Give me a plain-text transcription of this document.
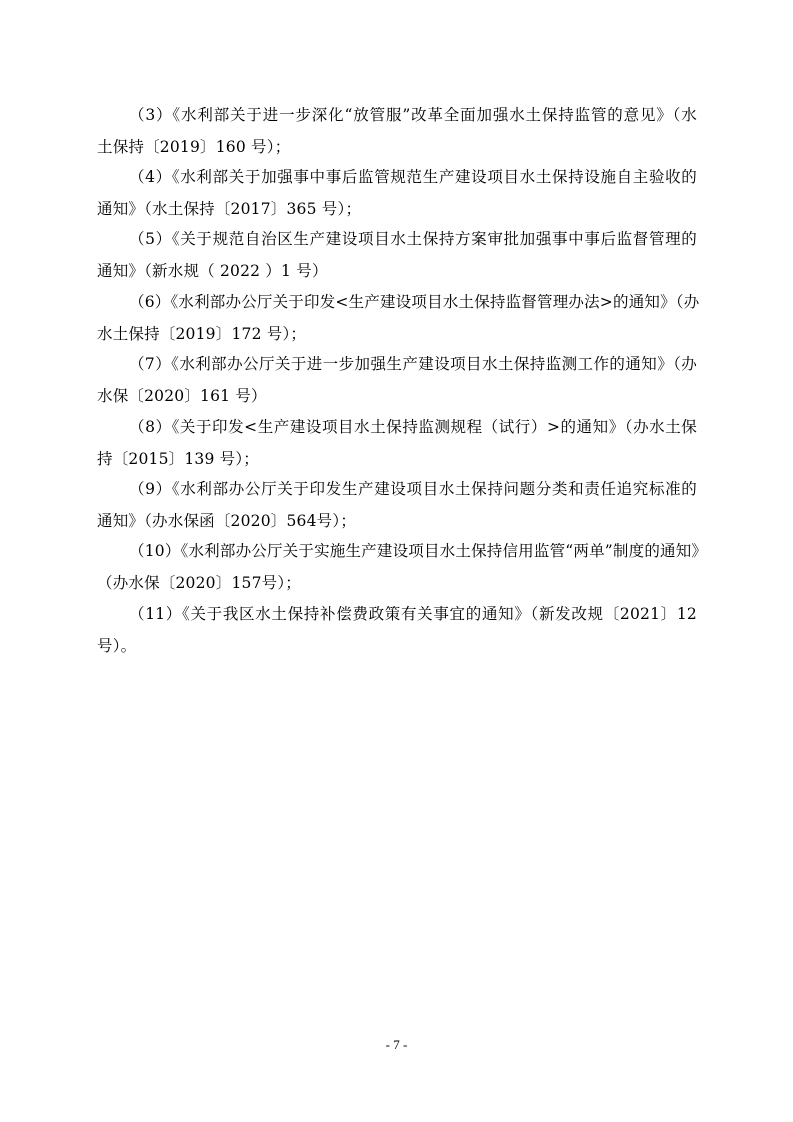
（3）《水利部关于进一步深化“放管服”改革全面加强水土保持监管的意见》（水
土保持〔2019〕160 号）；
（4）《水利部关于加强事中事后监管规范生产建设项目水土保持设施自主验收的
通知》（水土保持〔2017〕365 号）；
（5）《关于规范自治区生产建设项目水土保持方案审批加强事中事后监督管理的
通知》（新水规（ 2022 ）1 号）
（6）《水利部办公厅关于印发<生产建设项目水土保持监督管理办法>的通知》（办
水土保持〔2019〕172 号）；
（7）《水利部办公厅关于进一步加强生产建设项目水土保持监测工作的通知》（办
水保〔2020〕161 号）
（8）《关于印发<生产建设项目水土保持监测规程（试行）>的通知》（办水土保
持〔2015〕139 号）；
（9）《水利部办公厅关于印发生产建设项目水土保持问题分类和责任追究标准的
通知》（办水保函〔2020〕564号）；
（10）《水利部办公厅关于实施生产建设项目水土保持信用监管“两单”制度的通知》
（办水保〔2020〕157号）；
（11）《关于我区水土保持补偿费政策有关事宜的通知》（新发改规〔2021〕12
号）。
- 7 -
